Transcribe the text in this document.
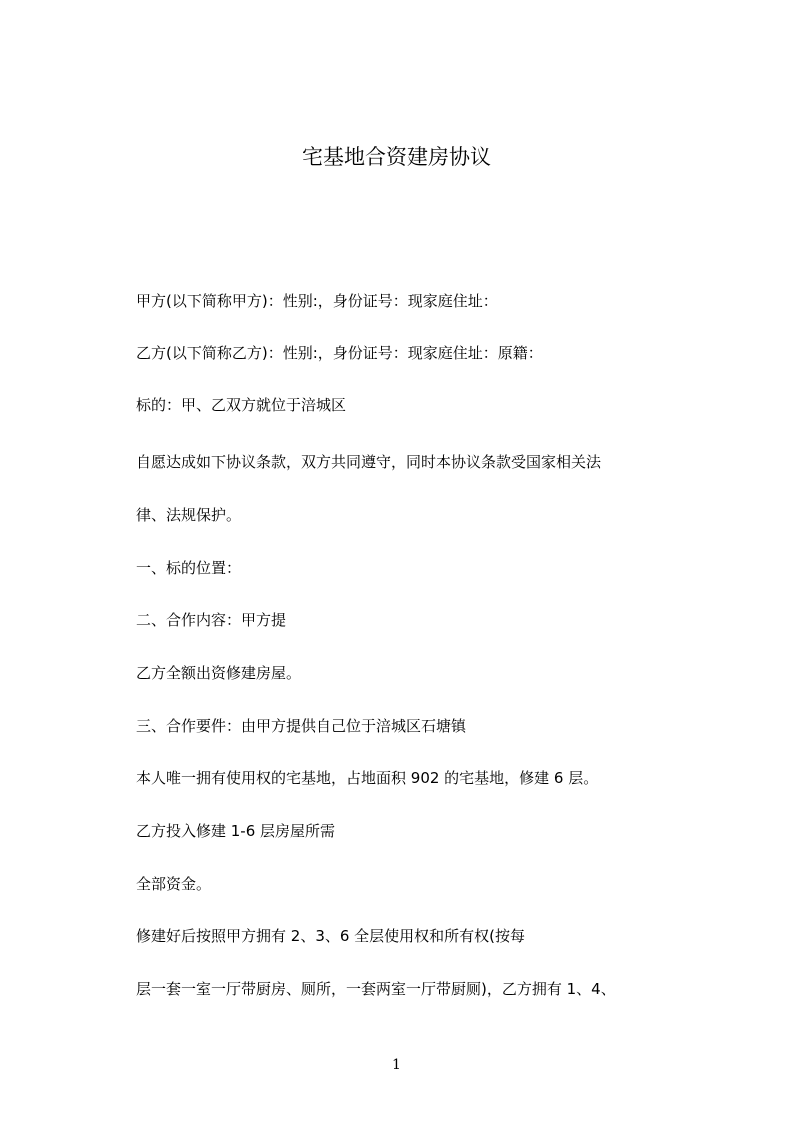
宅基地合资建房协议
甲方(以下简称甲方)：性别:，身份证号：现家庭住址：
乙方(以下简称乙方)：性别:，身份证号：现家庭住址：原籍：
标的：甲、乙双方就位于涪城区
自愿达成如下协议条款，双方共同遵守，同时本协议条款受国家相关法
律、法规保护。
一、标的位置：
二、合作内容：甲方提
乙方全额出资修建房屋。
三、合作要件：由甲方提供自己位于涪城区石塘镇
本人唯一拥有使用权的宅基地，占地面积 902 的宅基地，修建 6 层。
乙方投入修建 1-6 层房屋所需
全部资金。
修建好后按照甲方拥有 2、3、6 全层使用权和所有权(按每
层一套一室一厅带厨房、厕所，一套两室一厅带厨厕)，乙方拥有 1、4、
1
